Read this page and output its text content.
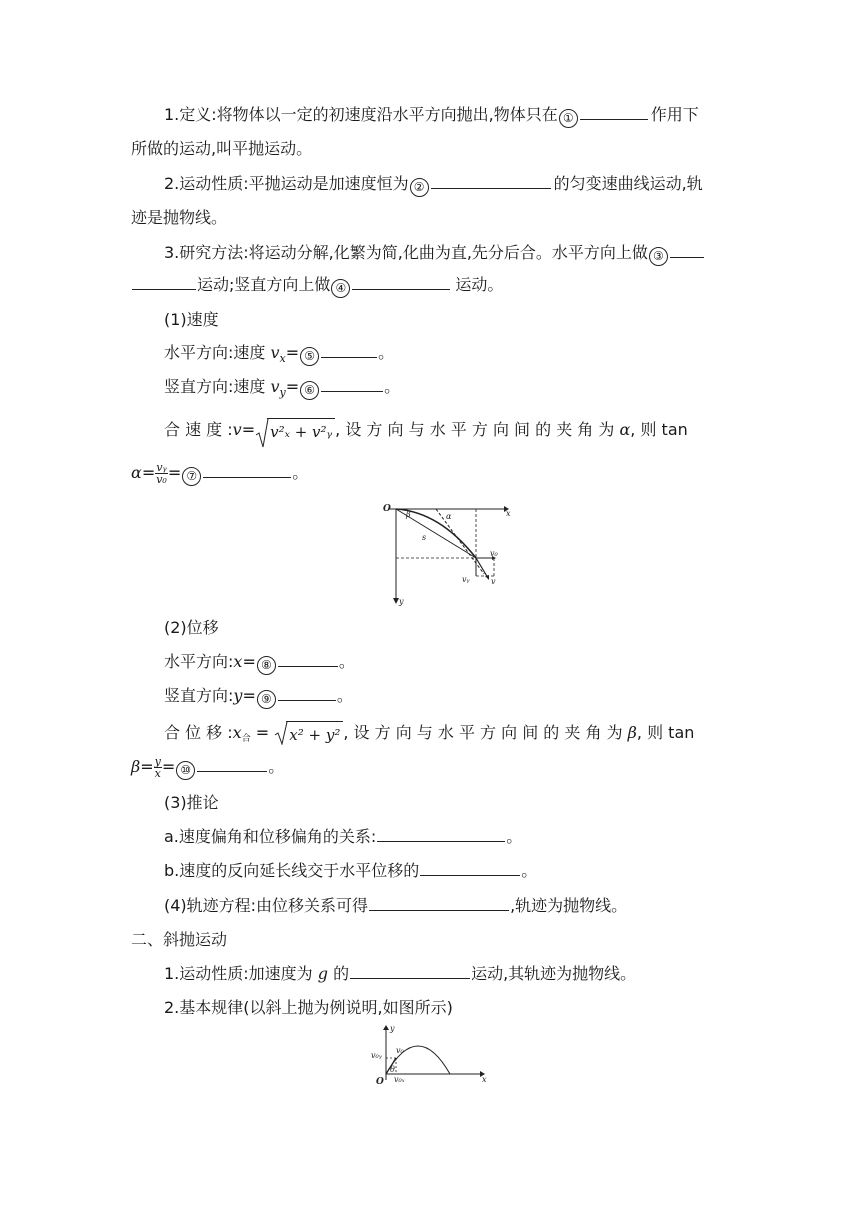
1.定义:将物体以一定的初速度沿水平方向抛出,物体只在 ①	作用下
所做的运动,叫平抛运动。
2.运动性质:平抛运动是加速度恒为 ②	的匀变速曲线运动,轨
迹是抛物线。
3.研究方法:将运动分解,化繁为简,化曲为直,先分后合。水平方向上做 ③
运动;竖直方向上做 ④	运动。
(1)速度
水平方向:速度 $v_x=$ ⑤	。
竖直方向:速度 $v_y=$ ⑥	。
合 速 度 :v= v²ₓ + v²ᵧ , 设 方 向 与 水 平 方 向 间 的 夹 角 为 α, 则 tan
$\alpha= \frac{\text{vᵧ}}{\text{v₀}}$ = ⑦	。
O	x
y
α
β
s
v₀
vᵧ	v
(2)位移
水平方向:x= ⑧	。
竖直方向:y= ⑨	。
合 位 移 :x合 =
x² + y² , 设 方 向 与 水 平 方 向 间 的 夹 角 为 β, 则 tan
$\beta= \frac{y}{x}$ = ⑩	。
(3)推论
a.速度偏角和位移偏角的关系:	。
b.速度的反向延长线交于水平位移的	。
(4)轨迹方程:由位移关系可得	,轨迹为抛物线。
二、斜抛运动
1.运动性质:加速度为 g 的	运动,其轨迹为抛物线。
2.基本规律(以斜上抛为例说明,如图所示)
v₀
v₀ᵧ
v₀ₓ
θ
O	x
y
